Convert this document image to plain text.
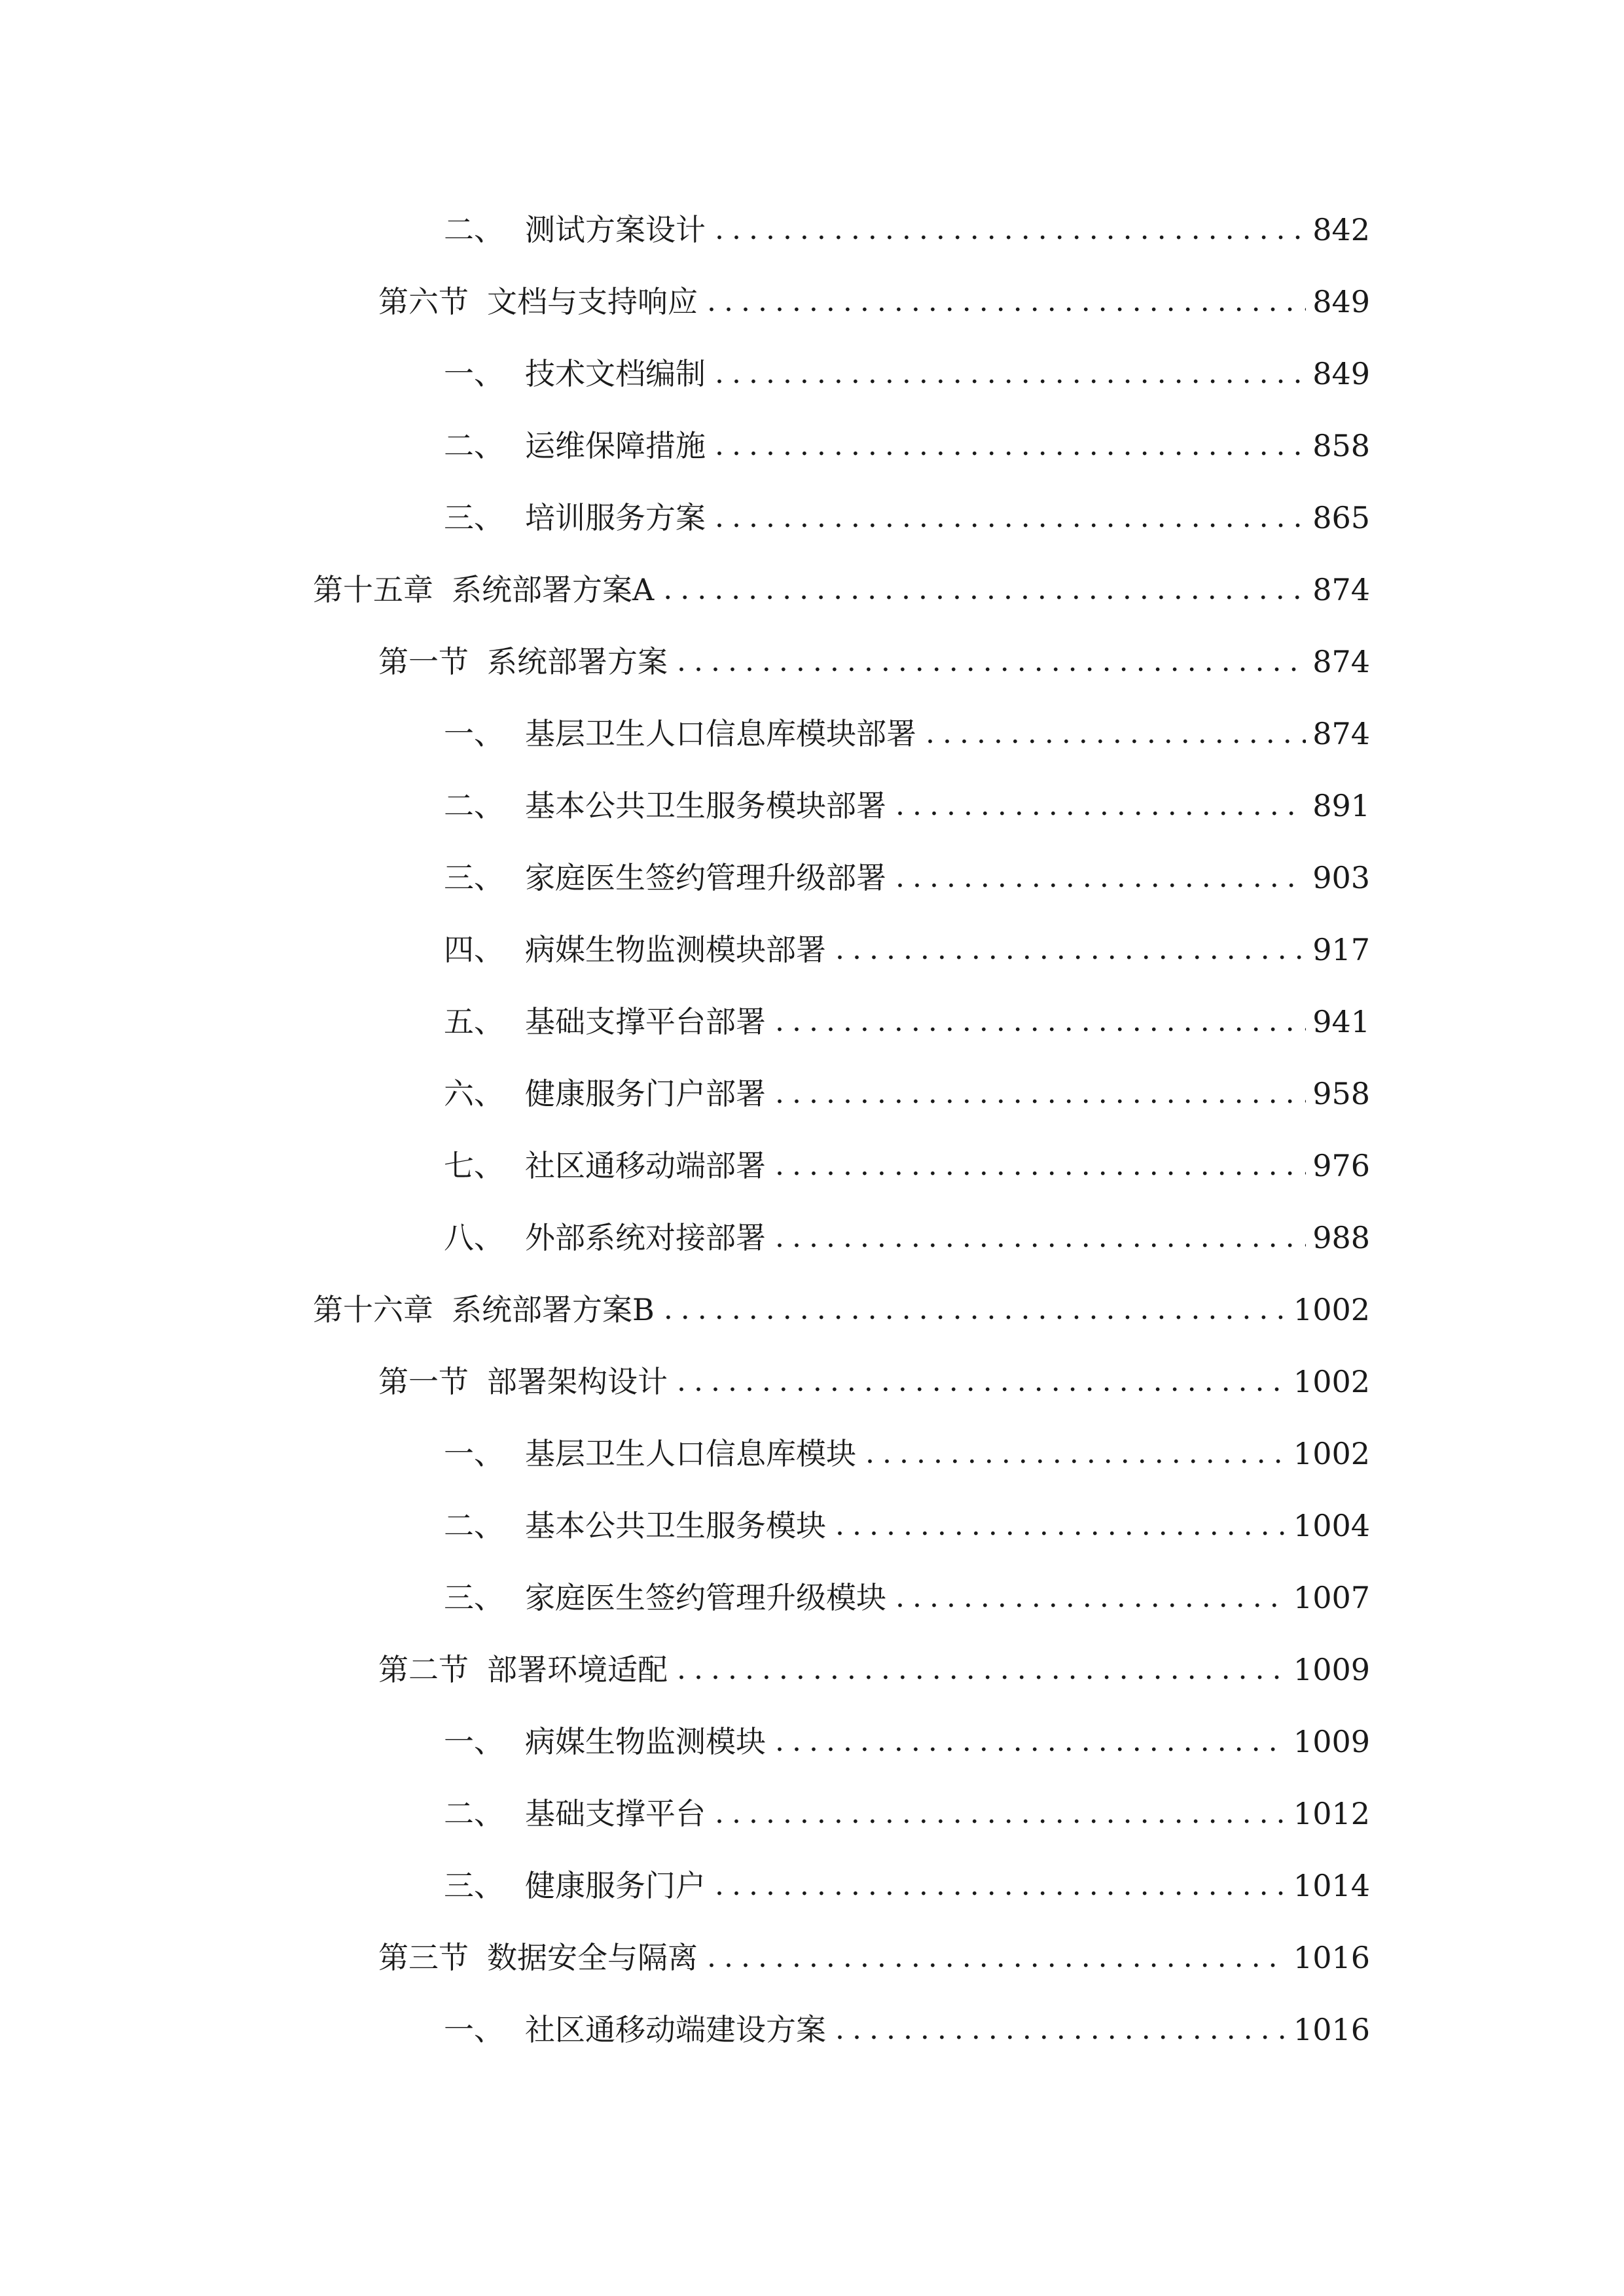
二、 测试方案设计 .....	842
第六节 文档与支持响应 .....	849
一、 技术文档编制 .....	849
二、 运维保障措施 .....	858
三、 培训服务方案 .....	865
第十五章 系统部署方案A .....	874
第一节 系统部署方案 .....	874
一、 基层卫生人口信息库模块部署 .....	874
二、 基本公共卫生服务模块部署 .....	891
三、 家庭医生签约管理升级部署 .....	903
四、 病媒生物监测模块部署 .....	917
五、 基础支撑平台部署 .....	941
六、 健康服务门户部署 .....	958
七、 社区通移动端部署 .....	976
八、 外部系统对接部署 .....	988
第十六章 系统部署方案B .....	1002
第一节 部署架构设计 .....	1002
一、 基层卫生人口信息库模块 .....	1002
二、 基本公共卫生服务模块 .....	1004
三、 家庭医生签约管理升级模块 .....	1007
第二节 部署环境适配 .....	1009
一、 病媒生物监测模块 .....	1009
二、 基础支撑平台 .....	1012
三、 健康服务门户 .....	1014
第三节 数据安全与隔离 .....	1016
一、 社区通移动端建设方案 .....	1016
